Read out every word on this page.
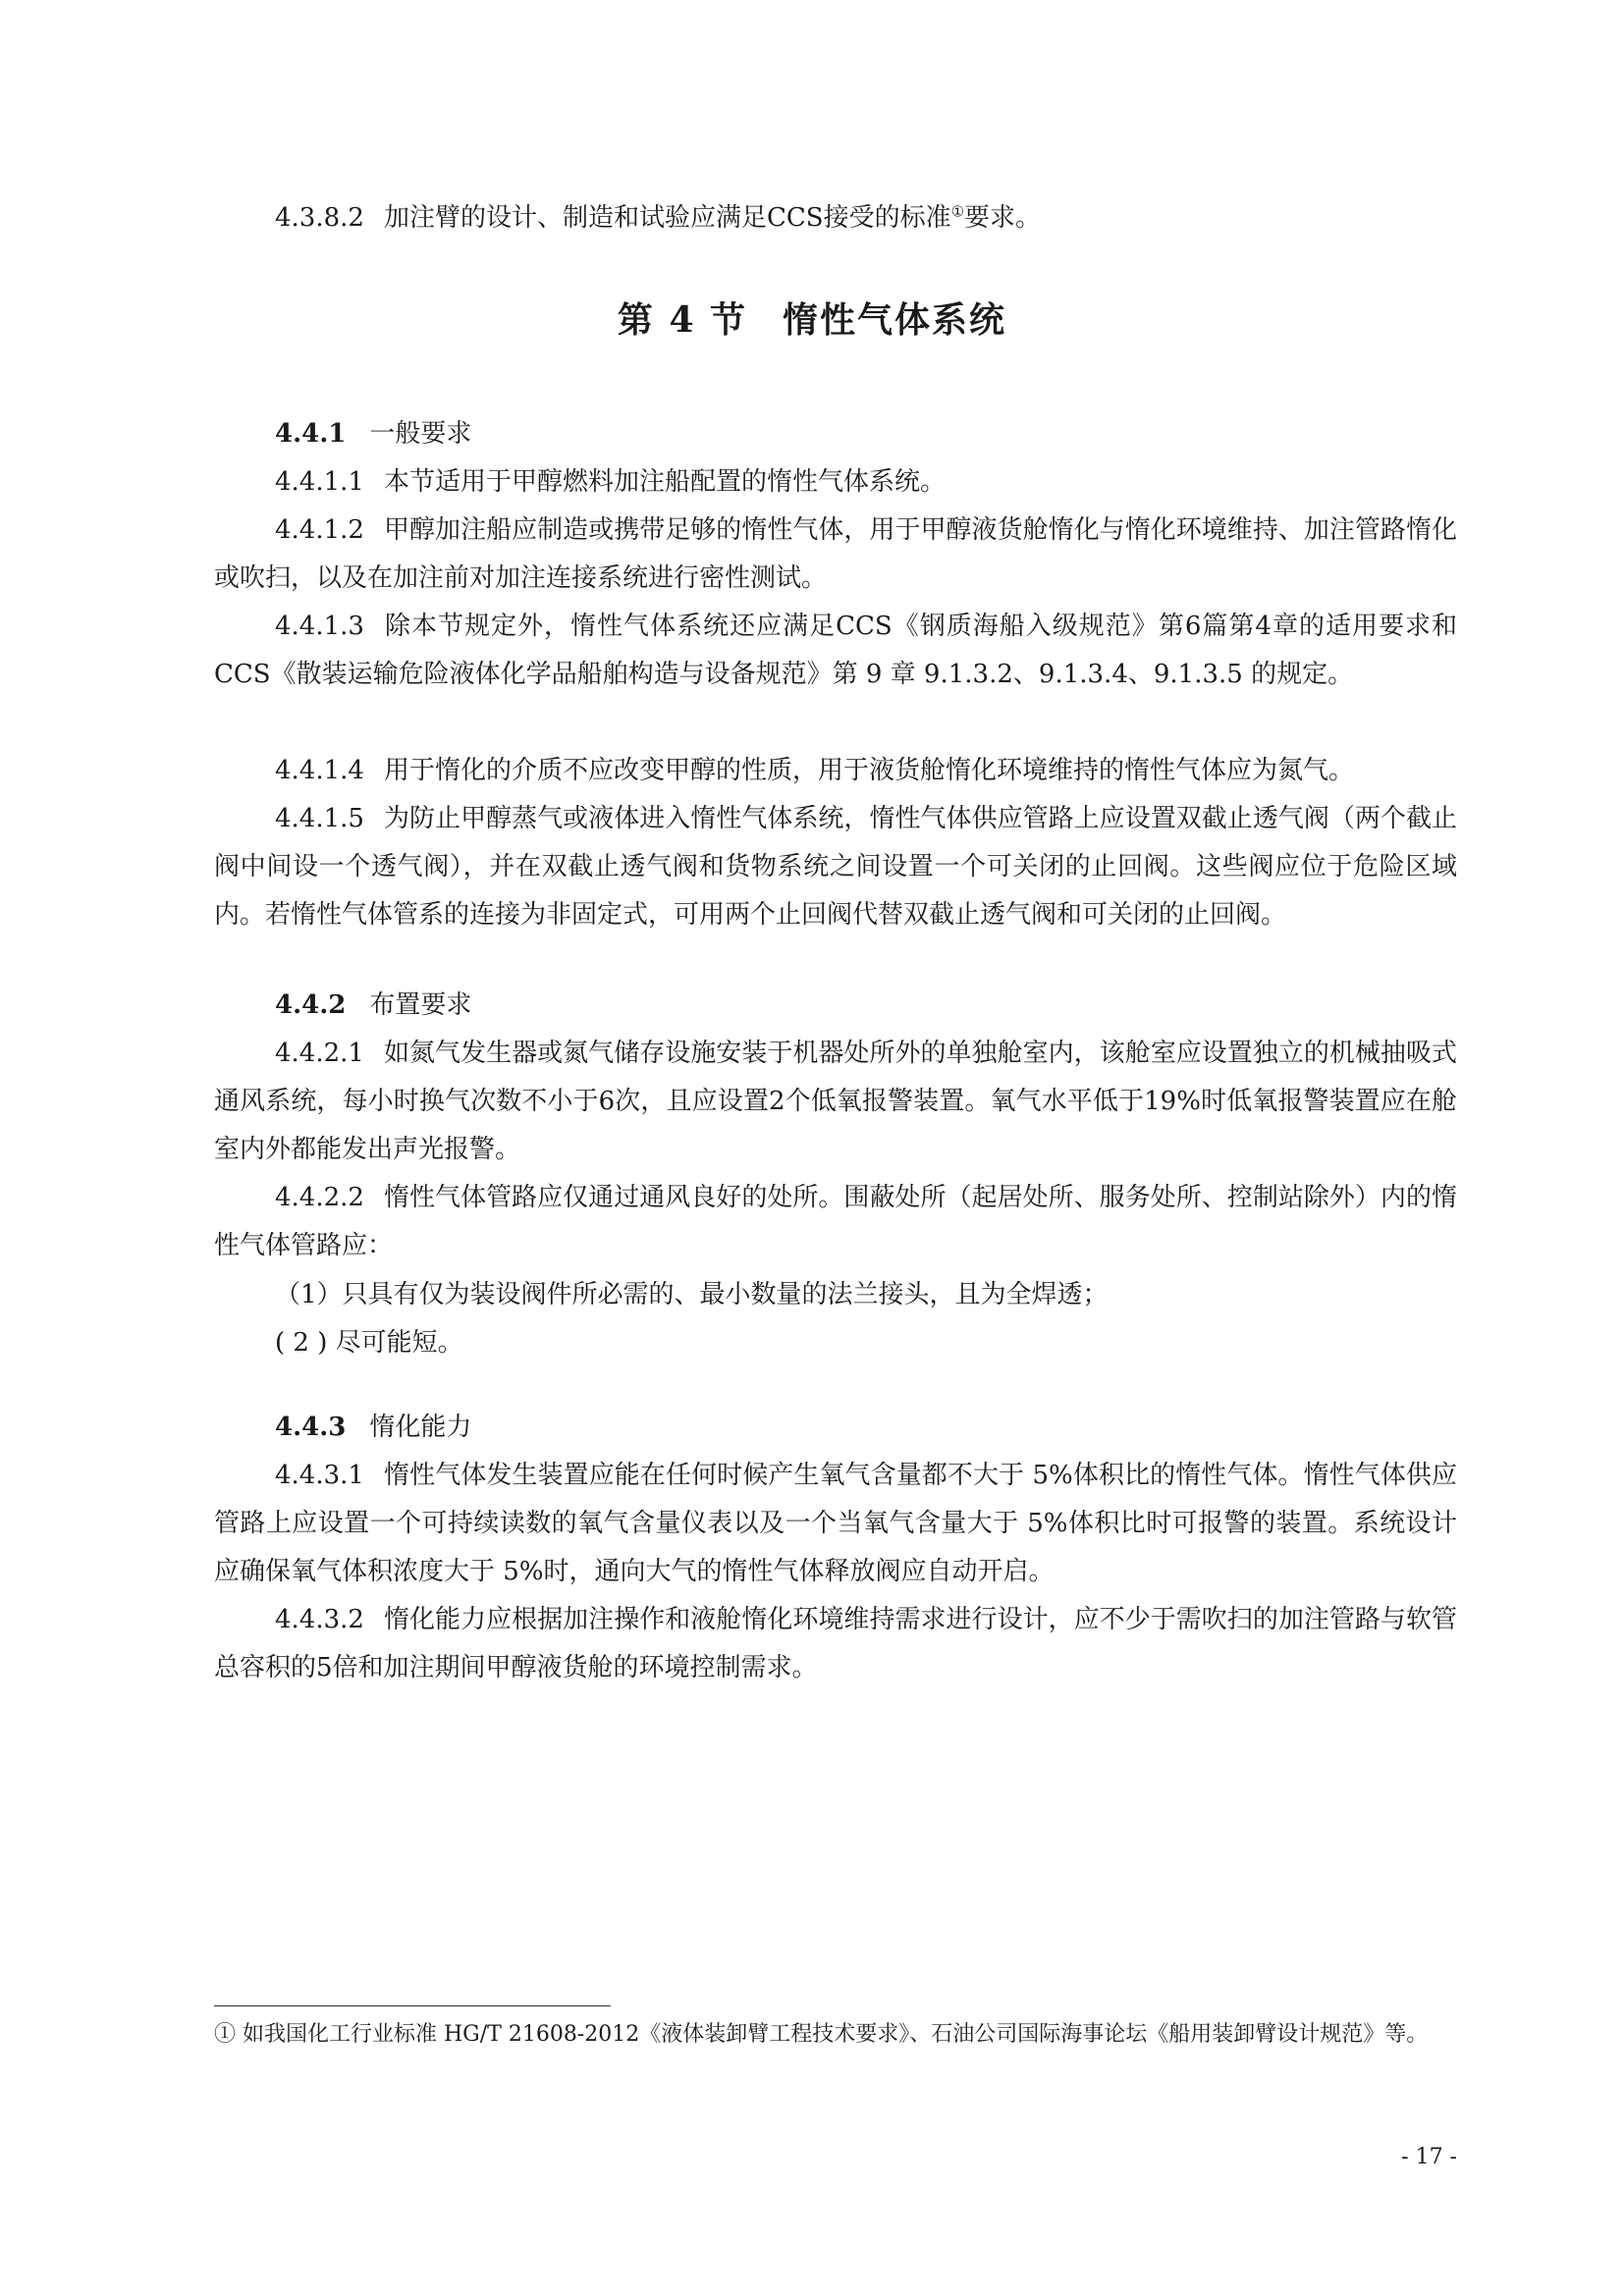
4.3.8.2 加注臂的设计、制造和试验应满足CCS接受的标准①要求。

第 4 节 惰性气体系统

4.4.1 一般要求

4.4.1.1 本节适用于甲醇燃料加注船配置的惰性气体系统。

4.4.1.2 甲醇加注船应制造或携带足够的惰性气体，用于甲醇液货舱惰化与惰化环境维持、加注管路惰化或吹扫，以及在加注前对加注连接系统进行密性测试。

4.4.1.3 除本节规定外，惰性气体系统还应满足CCS《钢质海船入级规范》第6篇第4章的适用要求和CCS《散装运输危险液体化学品船舶构造与设备规范》第 9 章 9.1.3.2、9.1.3.4、9.1.3.5 的规定。

4.4.1.4 用于惰化的介质不应改变甲醇的性质，用于液货舱惰化环境维持的惰性气体应为氮气。

4.4.1.5 为防止甲醇蒸气或液体进入惰性气体系统，惰性气体供应管路上应设置双截止透气阀（两个截止阀中间设一个透气阀），并在双截止透气阀和货物系统之间设置一个可关闭的止回阀。这些阀应位于危险区域内。若惰性气体管系的连接为非固定式，可用两个止回阀代替双截止透气阀和可关闭的止回阀。

4.4.2 布置要求

4.4.2.1 如氮气发生器或氮气储存设施安装于机器处所外的单独舱室内，该舱室应设置独立的机械抽吸式通风系统，每小时换气次数不小于6次，且应设置2个低氧报警装置。氧气水平低于19%时低氧报警装置应在舱室内外都能发出声光报警。

4.4.2.2 惰性气体管路应仅通过通风良好的处所。围蔽处所（起居处所、服务处所、控制站除外）内的惰性气体管路应：

（1）只具有仅为装设阀件所必需的、最小数量的法兰接头，且为全焊透；

( 2 ) 尽可能短。

4.4.3 惰化能力

4.4.3.1 惰性气体发生装置应能在任何时候产生氧气含量都不大于 5%体积比的惰性气体。惰性气体供应管路上应设置一个可持续读数的氧气含量仪表以及一个当氧气含量大于 5%体积比时可报警的装置。系统设计应确保氧气体积浓度大于 5%时，通向大气的惰性气体释放阀应自动开启。

4.4.3.2 惰化能力应根据加注操作和液舱惰化环境维持需求进行设计，应不少于需吹扫的加注管路与软管总容积的5倍和加注期间甲醇液货舱的环境控制需求。

① 如我国化工行业标准 HG/T 21608-2012《液体装卸臂工程技术要求》、石油公司国际海事论坛《船用装卸臂设计规范》等。

- 17 -
